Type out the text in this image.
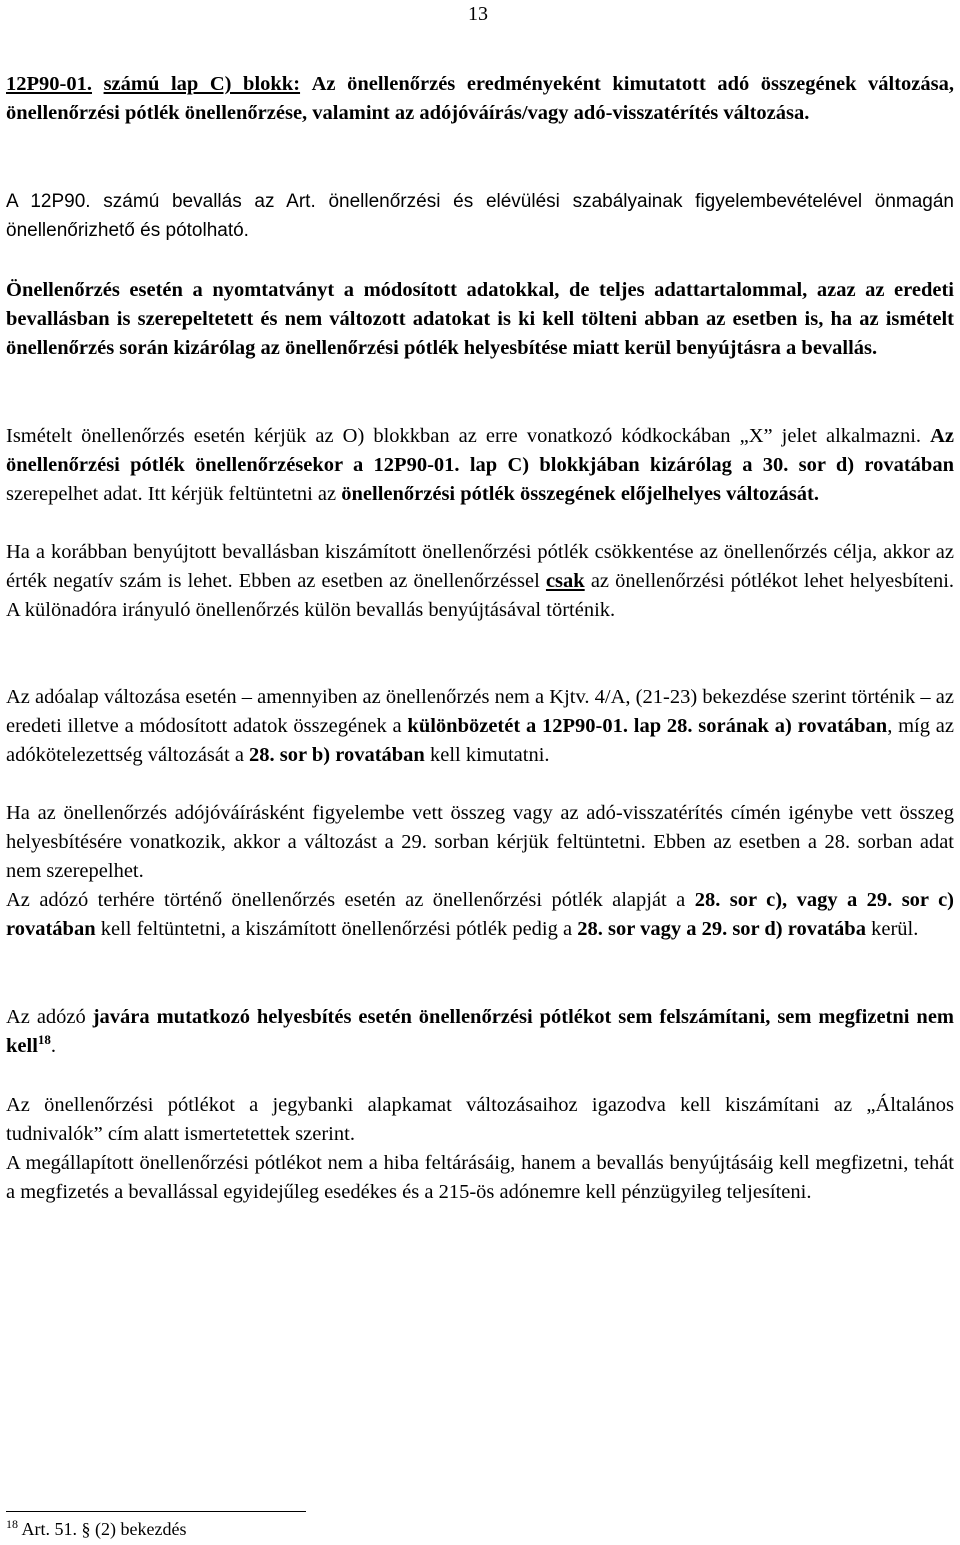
13

12P90-01. számú lap C) blokk: Az önellenőrzés eredményeként kimutatott adó összegének változása, önellenőrzési pótlék önellenőrzése, valamint az adójóváírás/vagy adó-visszatérítés változása.

A 12P90. számú bevallás az Art. önellenőrzési és elévülési szabályainak figyelembevételével önmagán önellenőrizhető és pótolható.

Önellenőrzés esetén a nyomtatványt a módosított adatokkal, de teljes adattartalommal, azaz az eredeti bevallásban is szerepeltetett és nem változott adatokat is ki kell tölteni abban az esetben is, ha az ismételt önellenőrzés során kizárólag az önellenőrzési pótlék helyesbítése miatt kerül benyújtásra a bevallás.

Ismételt önellenőrzés esetén kérjük az O) blokkban az erre vonatkozó kódkockában „X” jelet alkalmazni. Az önellenőrzési pótlék önellenőrzésekor a 12P90-01. lap C) blokkjában kizárólag a 30. sor d) rovatában szerepelhet adat. Itt kérjük feltüntetni az önellenőrzési pótlék összegének előjelhelyes változását.

Ha a korábban benyújtott bevallásban kiszámított önellenőrzési pótlék csökkentése az önellenőrzés célja, akkor az érték negatív szám is lehet. Ebben az esetben az önellenőrzéssel csak az önellenőrzési pótlékot lehet helyesbíteni. A különadóra irányuló önellenőrzés külön bevallás benyújtásával történik.

Az adóalap változása esetén – amennyiben az önellenőrzés nem a Kjtv. 4/A, (21-23) bekezdése szerint történik – az eredeti illetve a módosított adatok összegének a különbözetét a 12P90-01. lap 28. sorának a) rovatában, míg az adókötelezettség változását a 28. sor b) rovatában kell kimutatni.

Ha az önellenőrzés adójóváírásként figyelembe vett összeg vagy az adó-visszatérítés címén igénybe vett összeg helyesbítésére vonatkozik, akkor a változást a 29. sorban kérjük feltüntetni. Ebben az esetben a 28. sorban adat nem szerepelhet.

Az adózó terhére történő önellenőrzés esetén az önellenőrzési pótlék alapját a 28. sor c), vagy a 29. sor c) rovatában kell feltüntetni, a kiszámított önellenőrzési pótlék pedig a 28. sor vagy a 29. sor d) rovatába kerül.

Az adózó javára mutatkozó helyesbítés esetén önellenőrzési pótlékot sem felszámítani, sem megfizetni nem kell$^{18}$.

Az önellenőrzési pótlékot a jegybanki alapkamat változásaihoz igazodva kell kiszámítani az „Általános tudnivalók” cím alatt ismertetettek szerint.

A megállapított önellenőrzési pótlékot nem a hiba feltárásáig, hanem a bevallás benyújtásáig kell megfizetni, tehát a megfizetés a bevallással egyidejűleg esedékes és a 215-ös adónemre kell pénzügyileg teljesíteni.

$^{18}$ Art. 51. § (2) bekezdés
